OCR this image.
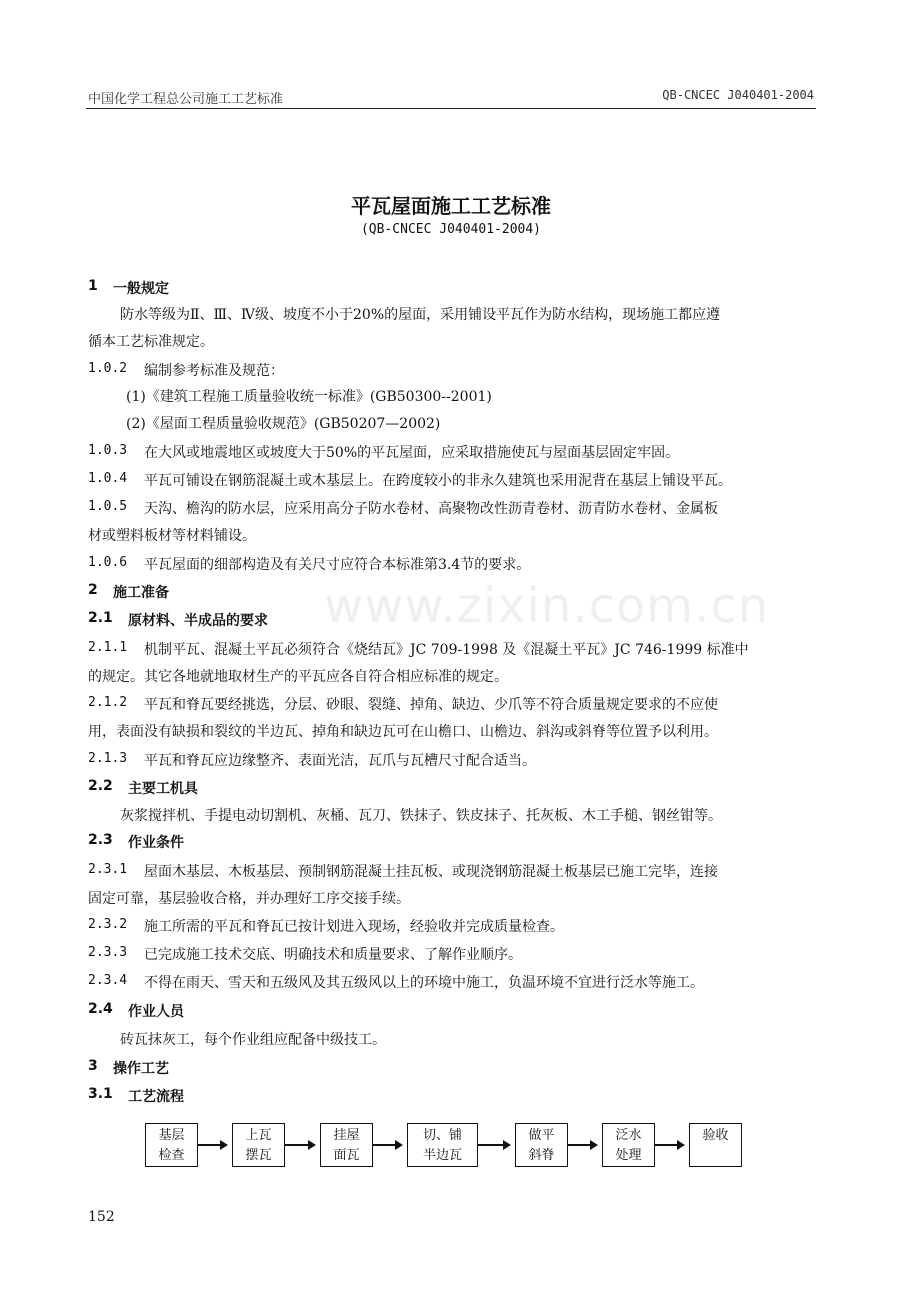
中国化学工程总公司施工工艺标准	QB-CNCEC J040401-2004
平瓦屋面施工工艺标准
(QB-CNCEC J040401-2004)
www.zixin.com.cn
1 一般规定
防水等级为Ⅱ、Ⅲ、Ⅳ级、坡度不小于20%的屋面，采用铺设平瓦作为防水结构，现场施工都应遵
循本工艺标准规定。
1.0.2 编制参考标准及规范：
(1)《建筑工程施工质量验收统一标准》(GB50300--2001)
(2)《屋面工程质量验收规范》(GB50207—2002)
1.0.3 在大风或地震地区或坡度大于50%的平瓦屋面，应采取措施使瓦与屋面基层固定牢固。
1.0.4 平瓦可铺设在钢筋混凝土或木基层上。在跨度较小的非永久建筑也采用泥背在基层上铺设平瓦。
1.0.5 天沟、檐沟的防水层，应采用高分子防水卷材、高聚物改性沥青卷材、沥青防水卷材、金属板
材或塑料板材等材料铺设。
1.0.6 平瓦屋面的细部构造及有关尺寸应符合本标准第3.4节的要求。
2 施工准备
2.1 原材料、半成品的要求
2.1.1 机制平瓦、混凝土平瓦必须符合《烧结瓦》JC 709-1998 及《混凝土平瓦》JC 746-1999 标准中
的规定。其它各地就地取材生产的平瓦应各自符合相应标准的规定。
2.1.2 平瓦和脊瓦要经挑选，分层、砂眼、裂缝、掉角、缺边、少爪等不符合质量规定要求的不应使
用，表面没有缺损和裂纹的半边瓦、掉角和缺边瓦可在山檐口、山檐边、斜沟或斜脊等位置予以利用。
2.1.3 平瓦和脊瓦应边缘整齐、表面光洁，瓦爪与瓦槽尺寸配合适当。
2.2 主要工机具
灰浆搅拌机、手提电动切割机、灰桶、瓦刀、铁抹子、铁皮抹子、托灰板、木工手槌、钢丝钳等。
2.3 作业条件
2.3.1 屋面木基层、木板基层、预制钢筋混凝土挂瓦板、或现浇钢筋混凝土板基层已施工完毕，连接
固定可靠，基层验收合格，并办理好工序交接手续。
2.3.2 施工所需的平瓦和脊瓦已按计划进入现场，经验收并完成质量检查。
2.3.3 已完成施工技术交底、明确技术和质量要求、了解作业顺序。
2.3.4 不得在雨天、雪天和五级风及其五级风以上的环境中施工，负温环境不宜进行泛水等施工。
2.4 作业人员
砖瓦抹灰工，每个作业组应配备中级技工。
3 操作工艺
3.1 工艺流程
基层
检查
上瓦
摆瓦
挂屋
面瓦
切、铺
半边瓦
做平
斜脊
泛水
处理
验收
152
